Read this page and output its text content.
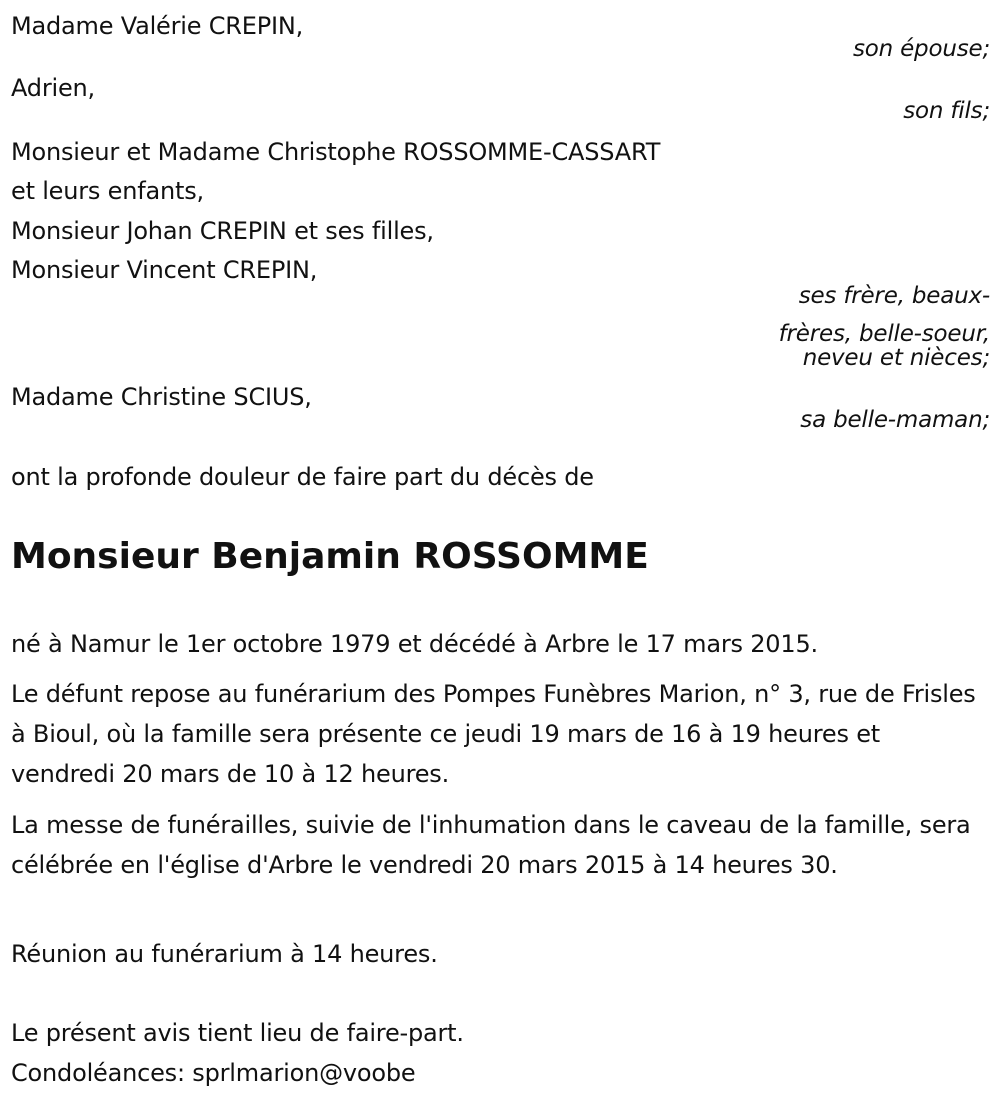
Madame Valérie CREPIN,
son épouse;
Adrien,
son fils;
Monsieur et Madame Christophe ROSSOMME-CASSART
et leurs enfants,
Monsieur Johan CREPIN et ses filles,
Monsieur Vincent CREPIN,
ses frère, beaux-
frères, belle-soeur,
neveu et nièces;
Madame Christine SCIUS,
sa belle-maman;
ont la profonde douleur de faire part du décès de
Monsieur Benjamin ROSSOMME
né à Namur le 1er octobre 1979 et décédé à Arbre le 17 mars 2015.
Le défunt repose au funérarium des Pompes Funèbres Marion, n° 3, rue de Frisles à Bioul, où la famille sera présente ce jeudi 19 mars de 16 à 19 heures et vendredi 20 mars de 10 à 12 heures.
La messe de funérailles, suivie de l'inhumation dans le caveau de la famille, sera célébrée en l'église d'Arbre le vendredi 20 mars 2015 à 14 heures 30.
Réunion au funérarium à 14 heures.
Le présent avis tient lieu de faire-part.
Condoléances: sprlmarion@voobe
